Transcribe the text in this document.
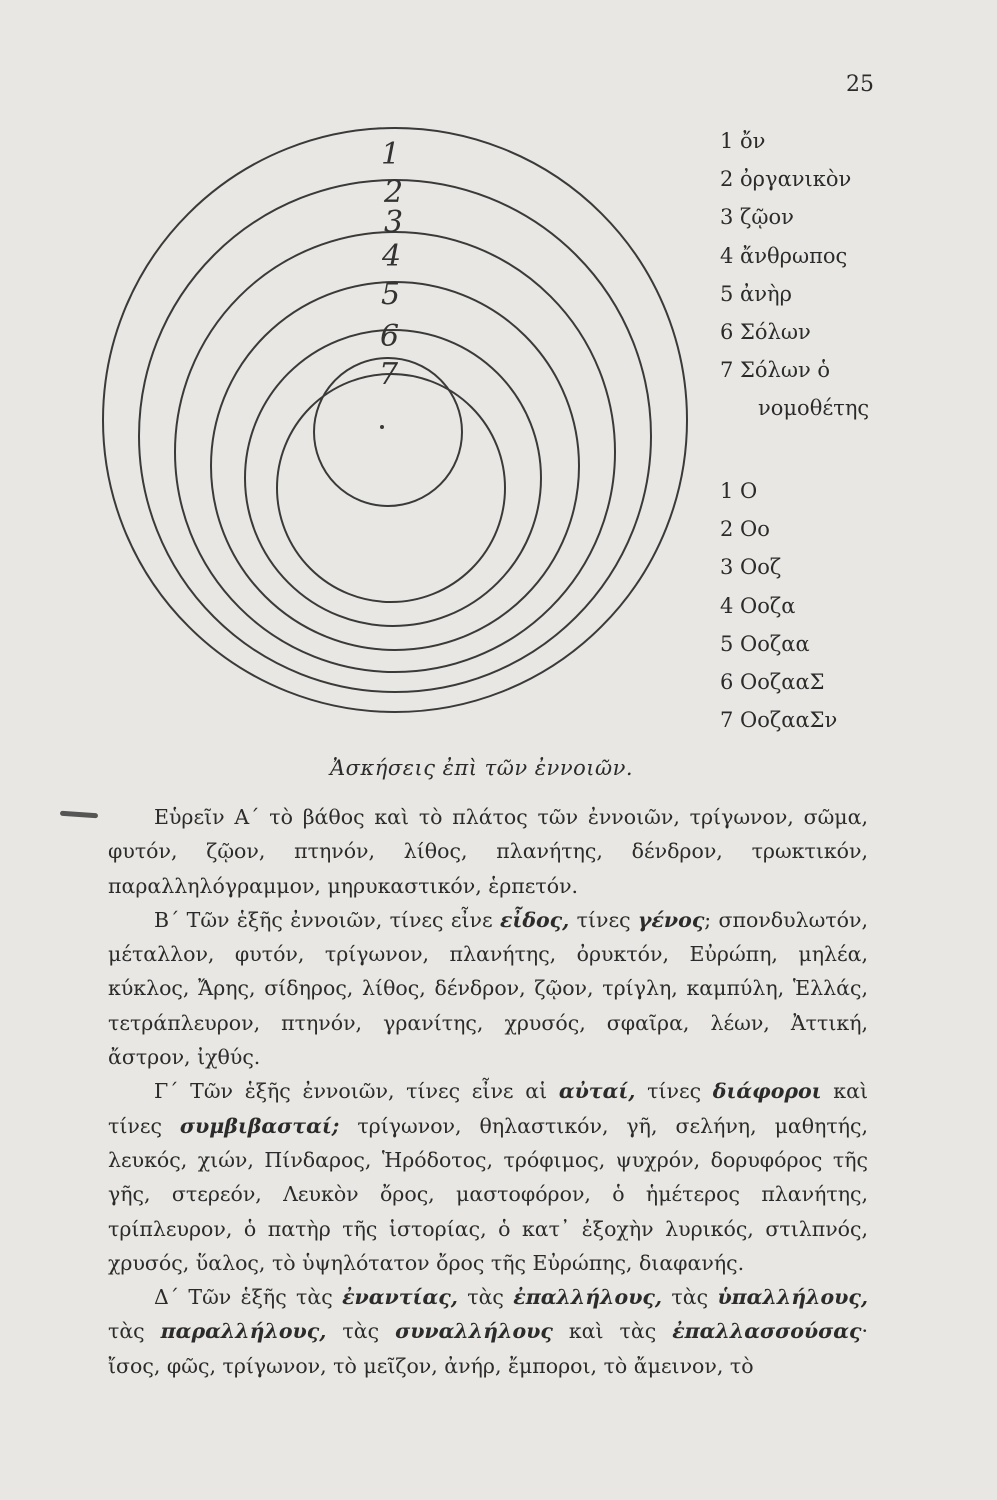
25
1
2
3
4
5
6
7
1 ὄν
2 ὀργανικὸν
3 ζῷον
4 ἄνθρωπος
5 ἀνὴρ
6 Σόλων
7 Σόλων ὁ
νομοθέτης
1 Ο
2 Οο
3 Οοζ
4 Οοζα
5 Οοζαα
6 ΟοζααΣ
7 ΟοζααΣν
Ἀσκήσεις ἐπὶ τῶν ἐννοιῶν.

Εὑρεῖν Α΄ τὸ βάθος καὶ τὸ πλάτος τῶν ἐννοιῶν, τρίγωνον, σῶμα, φυτόν, ζῷον, πτηνόν, λίθος, πλανήτης, δένδρον, τρωκτικόν, παραλληλόγραμμον, μηρυκαστικόν, ἑρπετόν.

Β΄ Τῶν ἑξῆς ἐννοιῶν, τίνες εἶνε εἶδος, τίνες γένος; σπονδυλωτόν, μέταλλον, φυτόν, τρίγωνον, πλανήτης, ὀρυκτόν, Εὐρώπη, μηλέα, κύκλος, Ἄρης, σίδηρος, λίθος, δένδρον, ζῷον, τρίγλη, καμπύλη, Ἑλλάς, τετράπλευρον, πτηνόν, γρανίτης, χρυσός, σφαῖρα, λέων, Ἀττική, ἄστρον, ἰχθύς.

Γ΄ Τῶν ἑξῆς ἐννοιῶν, τίνες εἶνε αἱ αὐταί, τίνες διάφοροι καὶ τίνες συμβιβασταί; τρίγωνον, θηλαστικόν, γῆ, σελήνη, μαθητής, λευκός, χιών, Πίνδαρος, Ἡρόδοτος, τρόφιμος, ψυχρόν, δορυφόρος τῆς γῆς, στερεόν, Λευκὸν ὄρος, μαστοφόρον, ὁ ἡμέτερος πλανήτης, τρίπλευρον, ὁ πατὴρ τῆς ἱστορίας, ὁ κατ᾽ ἐξοχὴν λυρικός, στιλπνός, χρυσός, ὕαλος, τὸ ὑψηλότατον ὄρος τῆς Εὐρώπης, διαφανής.

Δ΄ Τῶν ἑξῆς τὰς ἐναντίας, τὰς ἐπαλλήλους, τὰς ὑπαλλήλους, τὰς παραλλήλους, τὰς συναλλήλους καὶ τὰς ἐπαλλασσούσας· ἴσος, φῶς, τρίγωνον, τὸ μεῖζον, ἀνήρ, ἔμποροι, τὸ ἄμεινον, τὸ
